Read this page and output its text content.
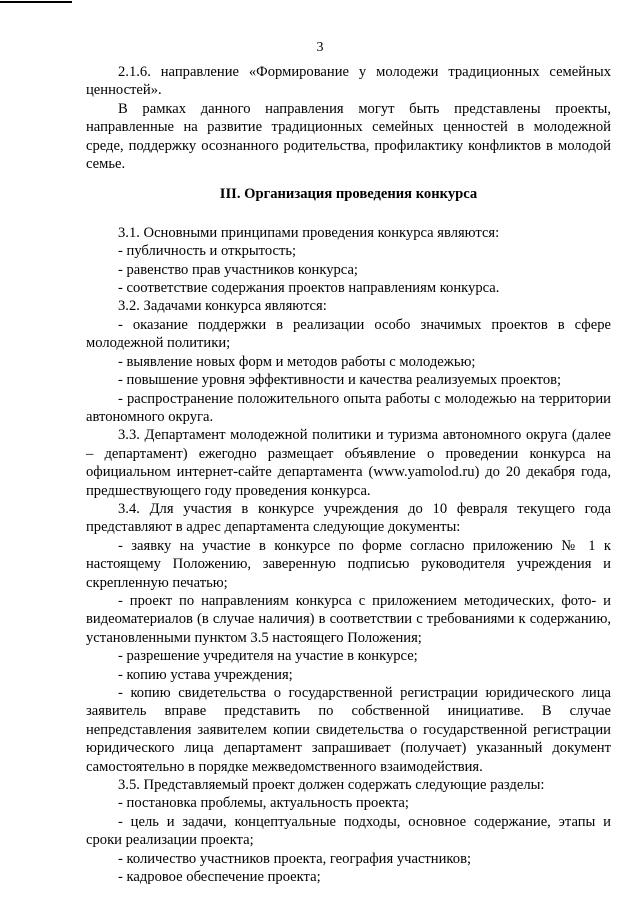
3

2.1.6. направление «Формирование у молодежи традиционных семейных ценностей».

В рамках данного направления могут быть представлены проекты, направленные на развитие традиционных семейных ценностей в молодежной среде, поддержку осознанного родительства, профилактику конфликтов в молодой семье.

III. Организация проведения конкурса

3.1. Основными принципами проведения конкурса являются:

- публичность и открытость;

- равенство прав участников конкурса;

- соответствие содержания проектов направлениям конкурса.

3.2. Задачами конкурса являются:

- оказание поддержки в реализации особо значимых проектов в сфере молодежной политики;

- выявление новых форм и методов работы с молодежью;

- повышение уровня эффективности и качества реализуемых проектов;

- распространение положительного опыта работы с молодежью на территории автономного округа.

3.3. Департамент молодежной политики и туризма автономного округа (далее – департамент) ежегодно размещает объявление о проведении конкурса на официальном интернет-сайте департамента (www.yamolod.ru) до 20 декабря года, предшествующего году проведения конкурса.

3.4. Для участия в конкурсе учреждения до 10 февраля текущего года представляют в адрес департамента следующие документы:

- заявку на участие в конкурсе по форме согласно приложению № 1 к настоящему Положению, заверенную подписью руководителя учреждения и скрепленную печатью;

- проект по направлениям конкурса с приложением методических, фото- и видеоматериалов (в случае наличия) в соответствии с требованиями к содержанию, установленными пунктом 3.5 настоящего Положения;

- разрешение учредителя на участие в конкурсе;

- копию устава учреждения;

- копию свидетельства о государственной регистрации юридического лица заявитель вправе представить по собственной инициативе. В случае непредставления заявителем копии свидетельства о государственной регистрации юридического лица департамент запрашивает (получает) указанный документ самостоятельно в порядке межведомственного взаимодействия.

3.5. Представляемый проект должен содержать следующие разделы:

- постановка проблемы, актуальность проекта;

- цель и задачи, концептуальные подходы, основное содержание, этапы и сроки реализации проекта;

- количество участников проекта, география участников;

- кадровое обеспечение проекта;
